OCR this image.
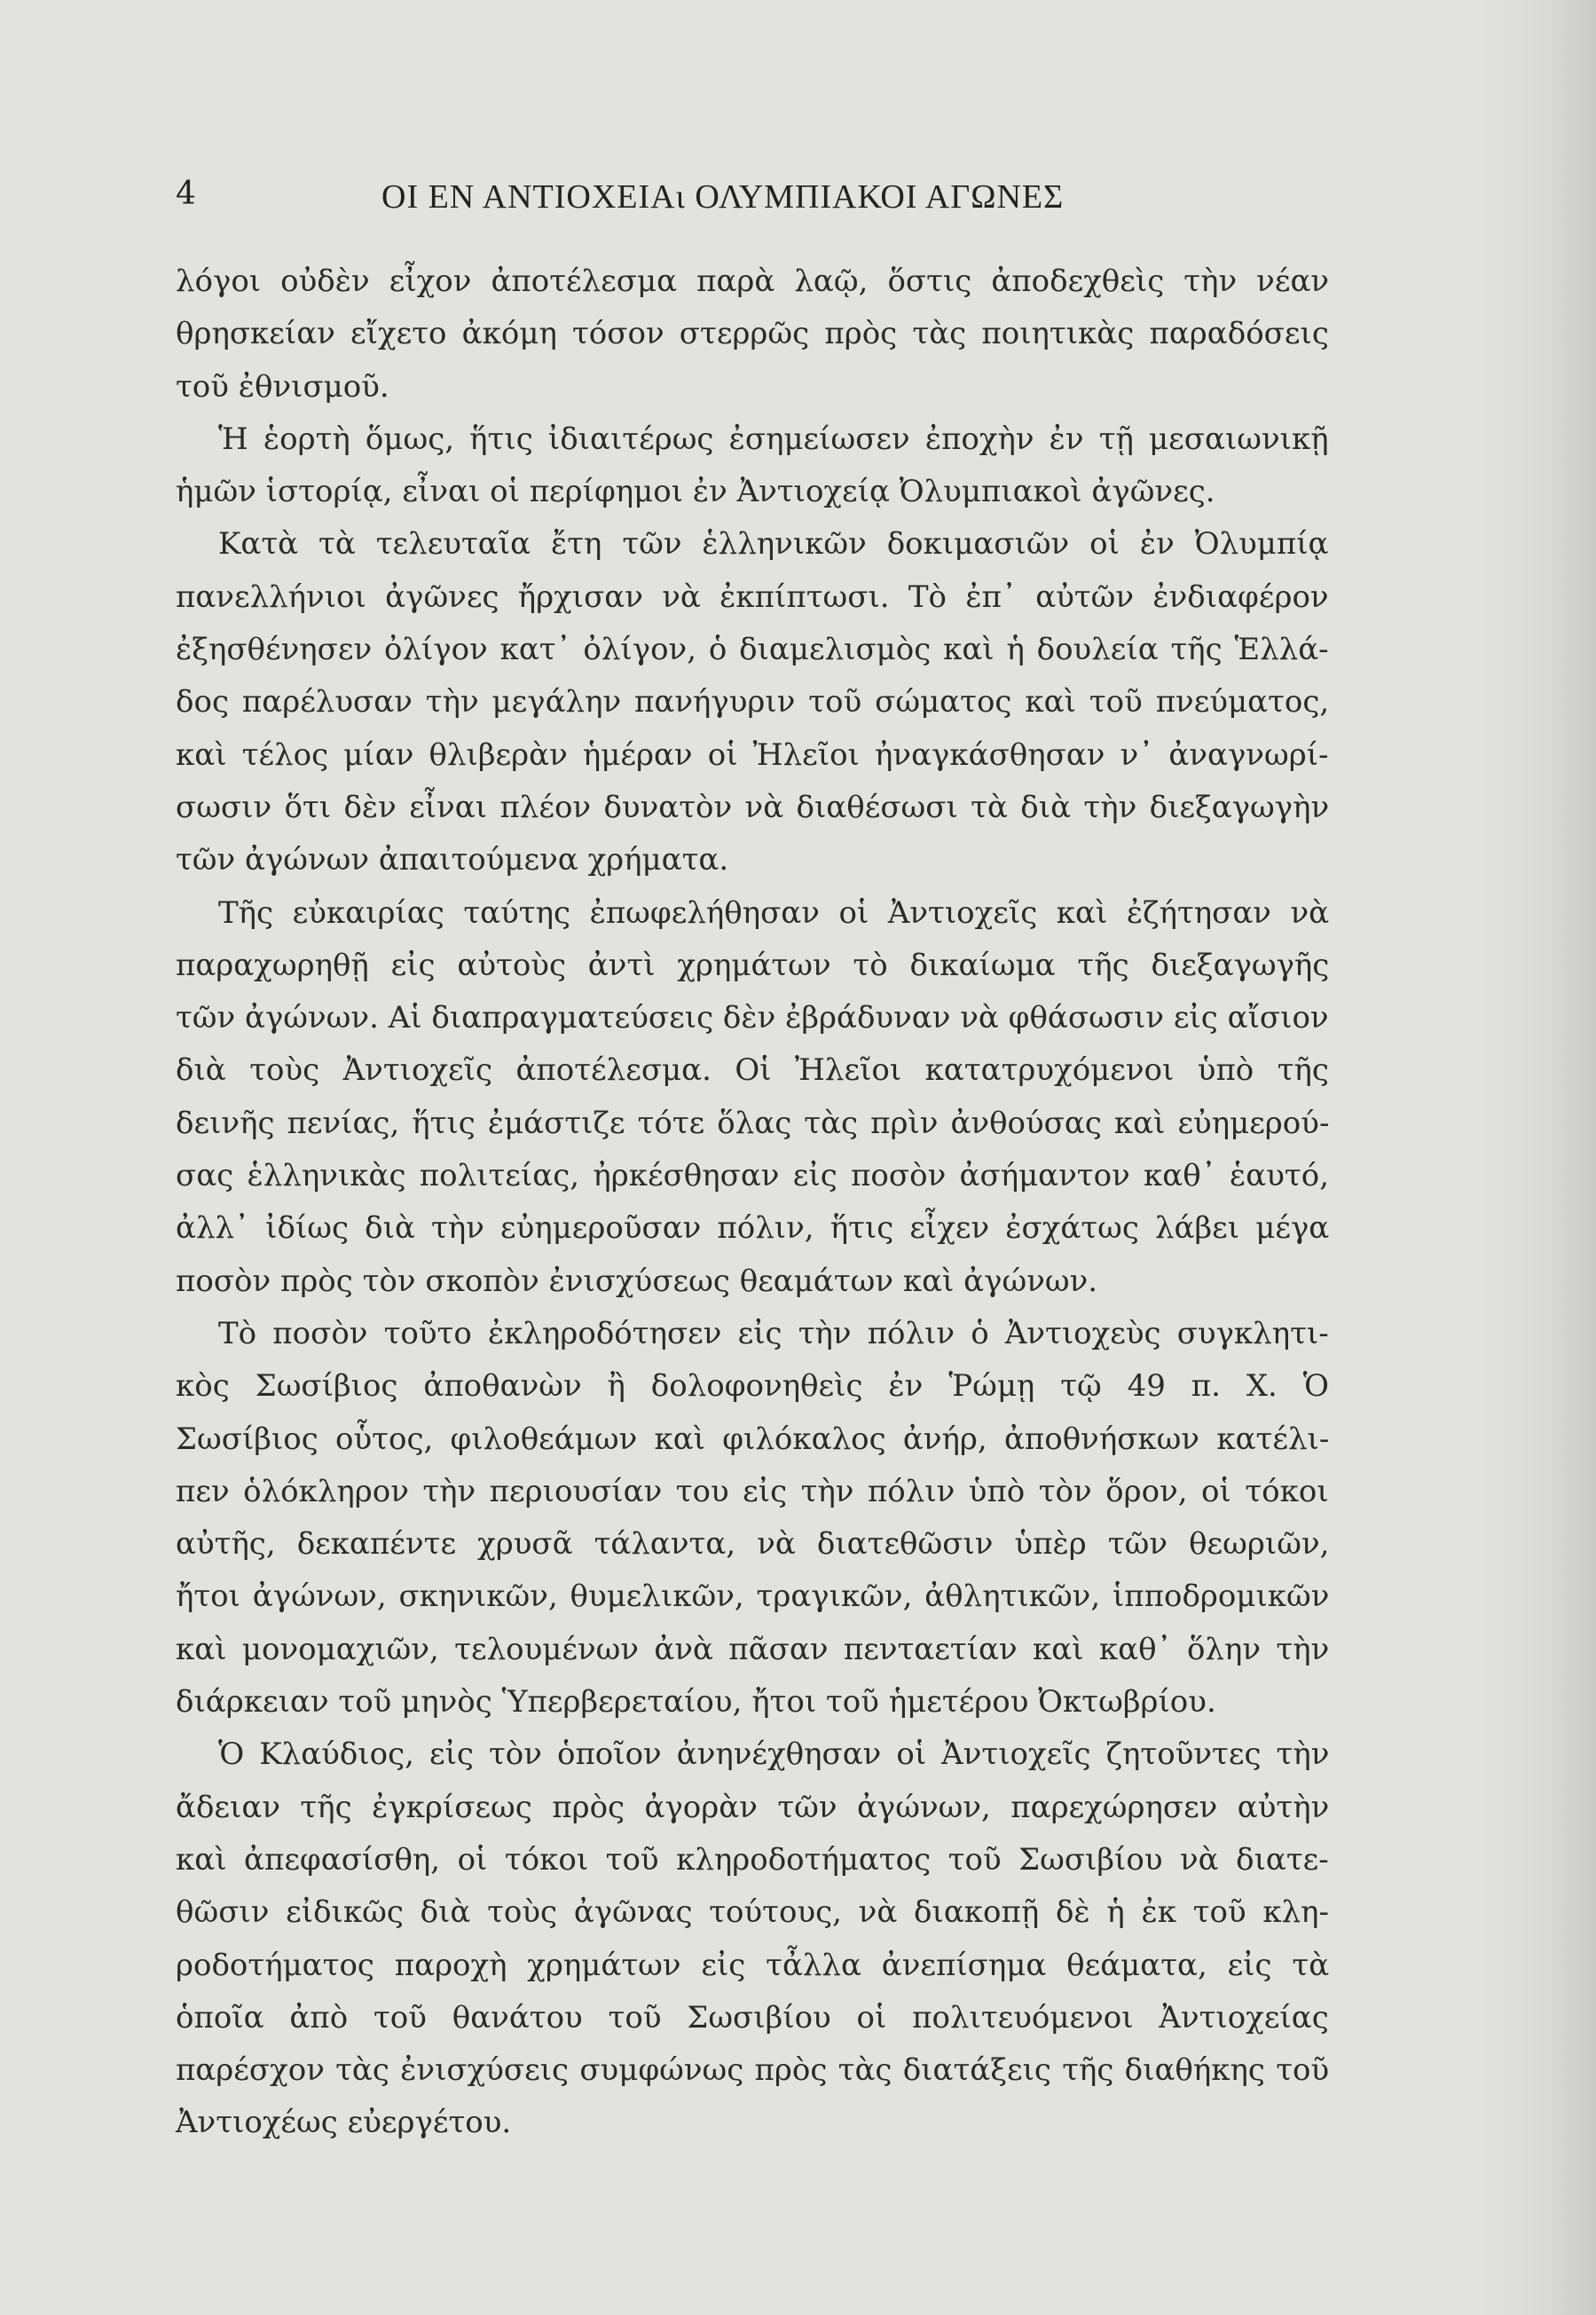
4	ΟΙ ΕΝ ΑΝΤΙΟΧΕΙΑι ΟΛΥΜΠΙΑΚΟΙ ΑΓΩΝΕΣ

λόγοι οὐδὲν εἶχον ἀποτέλεσμα παρὰ λαῷ, ὅστις ἀποδεχθεὶς τὴν νέαν
θρησκείαν εἴχετο ἀκόμη τόσον στερρῶς πρὸς τὰς ποιητικὰς παραδόσεις
τοῦ ἐθνισμοῦ.

Ἡ ἑορτὴ ὅμως, ἥτις ἰδιαιτέρως ἐσημείωσεν ἐποχὴν ἐν τῇ μεσαιωνικῇ
ἡμῶν ἱστορίᾳ, εἶναι οἱ περίφημοι ἐν Ἀντιοχείᾳ Ὀλυμπιακοὶ ἀγῶνες.

Κατὰ τὰ τελευταῖα ἔτη τῶν ἑλληνικῶν δοκιμασιῶν οἱ ἐν Ὀλυμπίᾳ
πανελλήνιοι ἀγῶνες ἤρχισαν νὰ ἐκπίπτωσι. Τὸ ἐπ᾽ αὐτῶν ἐνδιαφέρον
ἐξησθένησεν ὀλίγον κατ᾽ ὀλίγον, ὁ διαμελισμὸς καὶ ἡ δουλεία τῆς Ἑλλά-
δος παρέλυσαν τὴν μεγάλην πανήγυριν τοῦ σώματος καὶ τοῦ πνεύματος,
καὶ τέλος μίαν θλιβερὰν ἡμέραν οἱ Ἠλεῖοι ἠναγκάσθησαν ν᾽ ἀναγνωρί-
σωσιν ὅτι δὲν εἶναι πλέον δυνατὸν νὰ διαθέσωσι τὰ διὰ τὴν διεξαγωγὴν
τῶν ἀγώνων ἀπαιτούμενα χρήματα.

Τῆς εὐκαιρίας ταύτης ἐπωφελήθησαν οἱ Ἀντιοχεῖς καὶ ἐζήτησαν νὰ
παραχωρηθῇ εἰς αὐτοὺς ἀντὶ χρημάτων τὸ δικαίωμα τῆς διεξαγωγῆς
τῶν ἀγώνων. Αἱ διαπραγματεύσεις δὲν ἐβράδυναν νὰ φθάσωσιν εἰς αἴσιον
διὰ τοὺς Ἀντιοχεῖς ἀποτέλεσμα. Οἱ Ἠλεῖοι κατατρυχόμενοι ὑπὸ τῆς
δεινῆς πενίας, ἥτις ἐμάστιζε τότε ὅλας τὰς πρὶν ἀνθούσας καὶ εὐημερού-
σας ἑλληνικὰς πολιτείας, ἠρκέσθησαν εἰς ποσὸν ἀσήμαντον καθ᾽ ἑαυτό,
ἀλλ᾽ ἰδίως διὰ τὴν εὐημεροῦσαν πόλιν, ἥτις εἶχεν ἐσχάτως λάβει μέγα
ποσὸν πρὸς τὸν σκοπὸν ἐνισχύσεως θεαμάτων καὶ ἀγώνων.

Τὸ ποσὸν τοῦτο ἐκληροδότησεν εἰς τὴν πόλιν ὁ Ἀντιοχεὺς συγκλητι-
κὸς Σωσίβιος ἀποθανὼν ἢ δολοφονηθεὶς ἐν Ῥώμῃ τῷ 49 π. Χ. Ὁ
Σωσίβιος οὗτος, φιλοθεάμων καὶ φιλόκαλος ἀνήρ, ἀποθνήσκων κατέλι-
πεν ὁλόκληρον τὴν περιουσίαν του εἰς τὴν πόλιν ὑπὸ τὸν ὅρον, οἱ τόκοι
αὐτῆς, δεκαπέντε χρυσᾶ τάλαντα, νὰ διατεθῶσιν ὑπὲρ τῶν θεωριῶν,
ἤτοι ἀγώνων, σκηνικῶν, θυμελικῶν, τραγικῶν, ἀθλητικῶν, ἱπποδρομικῶν
καὶ μονομαχιῶν, τελουμένων ἀνὰ πᾶσαν πενταετίαν καὶ καθ᾽ ὅλην τὴν
διάρκειαν τοῦ μηνὸς Ὑπερβερεταίου, ἤτοι τοῦ ἡμετέρου Ὀκτωβρίου.

Ὁ Κλαύδιος, εἰς τὸν ὁποῖον ἀνηνέχθησαν οἱ Ἀντιοχεῖς ζητοῦντες τὴν
ἄδειαν τῆς ἐγκρίσεως πρὸς ἀγορὰν τῶν ἀγώνων, παρεχώρησεν αὐτὴν
καὶ ἀπεφασίσθη, οἱ τόκοι τοῦ κληροδοτήματος τοῦ Σωσιβίου νὰ διατε-
θῶσιν εἰδικῶς διὰ τοὺς ἀγῶνας τούτους, νὰ διακοπῇ δὲ ἡ ἐκ τοῦ κλη-
ροδοτήματος παροχὴ χρημάτων εἰς τἆλλα ἀνεπίσημα θεάματα, εἰς τὰ
ὁποῖα ἀπὸ τοῦ θανάτου τοῦ Σωσιβίου οἱ πολιτευόμενοι Ἀντιοχείας
παρέσχον τὰς ἐνισχύσεις συμφώνως πρὸς τὰς διατάξεις τῆς διαθήκης τοῦ
Ἀντιοχέως εὐεργέτου.
